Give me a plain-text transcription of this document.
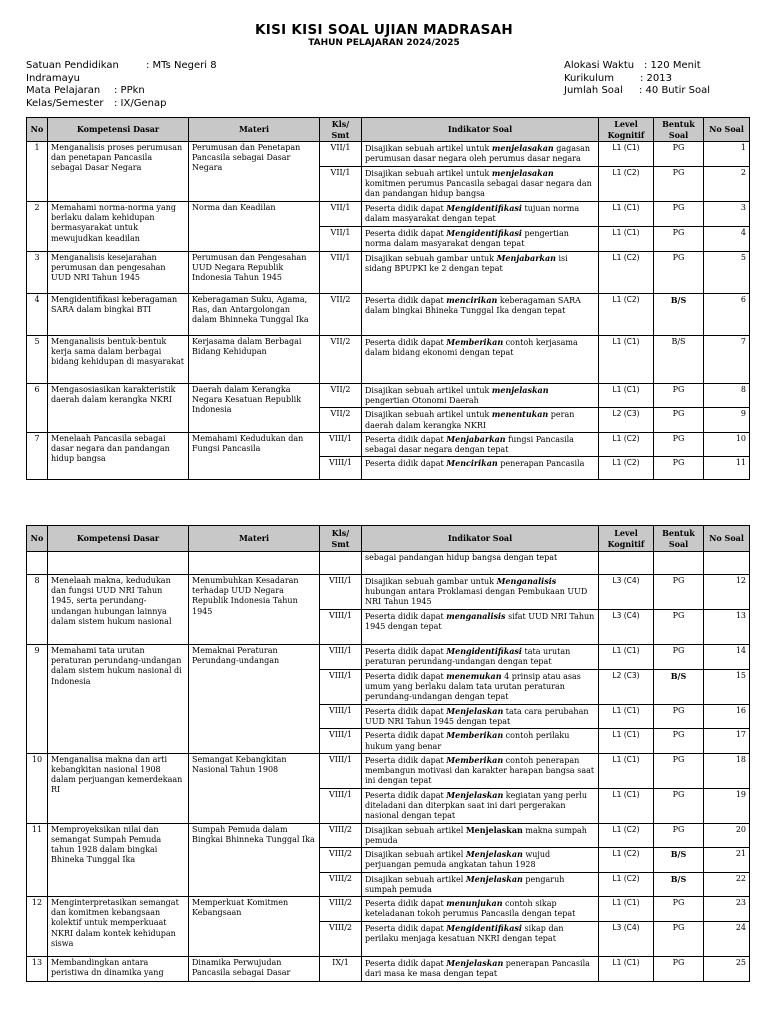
KISI KISI SOAL UJIAN MADRASAH
TAHUN PELAJARAN 2024/2025
Satuan Pendidikan	: MTs Negeri 8
Indramayu
Mata Pelajaran : PPkn
Kelas/Semester : IX/Genap
Alokasi Waktu : 120 Menit
Kurikulum	: 2013
Jumlah Soal : 40 Butir Soal
No	Kompetensi Dasar	Materi	Kls/ Smt	Indikator Soal	Level Kognitif	Bentuk Soal	No Soal
1	Menganalisis proses perumusan dan penetapan Pancasila sebagai Dasar Negara	Perumusan dan Penetapan Pancasila sebagai Dasar Negara	VII/1	Disajikan sebuah artikel untuk menjelasakan gagasan perumusan dasar negara oleh perumus dasar negara	L1 (C1)	PG	1
			VII/1	Disajikan sebuah artikel untuk menjelasakan komitmen perumus Pancasila sebagai dasar negara dan dan pandangan hidup bangsa	L1 (C2)	PG	2
2	Memahami norma-norma yang berlaku dalam kehidupan bermasyarakat untuk mewujudkan keadilan	Norma dan Keadilan	VII/1	Peserta didik dapat Mengidentifikasi tujuan norma dalam masyarakat dengan tepat	L1 (C1)	PG	3
			VII/1	Peserta didik dapat Mengidentifikasi pengertian norma dalam masyarakat dengan tepat	L1 (C1)	PG	4
3	Menganalisis kesejarahan perumusan dan pengesahan UUD NRI Tahun 1945	Perumusan dan Pengesahan UUD Negara Republik Indonesia Tahun 1945	VII/1	Disajikan sebuah gambar untuk Menjabarkan isi sidang BPUPKI ke 2 dengan tepat	L1 (C2)	PG	5
4	Mengidentifikasi keberagaman SARA dalam bingkai BTI	Keberagaman Suku, Agama, Ras, dan Antargolongan dalam Bhinneka Tunggal Ika	VII/2	Peserta didik dapat mencirikan keberagaman SARA dalam bingkai Bhineka Tunggal Ika dengan tepat	L1 (C2)	B/S	6
5	Menganalisis bentuk-bentuk kerja sama dalam berbagai bidang kehidupan di masyarakat	Kerjasama dalam Berbagai Bidang Kehidupan	VII/2	Peserta didik dapat Memberikan contoh kerjasama dalam bidang ekonomi dengan tepat	L1 (C1)	B/S	7
6	Mengasosiasikan karakteristik daerah dalam kerangka NKRI	Daerah dalam Kerangka Negara Kesatuan Republik Indonesia	VII/2	Disajikan sebuah artikel untuk menjelaskan pengertian Otonomi Daerah	L1 (C1)	PG	8
			VII/2	Disajikan sebuah artikel untuk menentukan peran daerah dalam kerangka NKRI	L2 (C3)	PG	9
7	Menelaah Pancasila sebagai dasar negara dan pandangan hidup bangsa	Memahami Kedudukan dan Fungsi Pancasila	VIII/1	Peserta didik dapat Menjabarkan fungsi Pancasila sebagai dasar negara dengan tepat	L1 (C2)	PG	10
			VIII/1	Peserta didik dapat Mencirikan penerapan Pancasila	L1 (C2)	PG	11
No	Kompetensi Dasar	Materi	Kls/ Smt	Indikator Soal	Level Kognitif	Bentuk Soal	No Soal
				sebagai pandangan hidup bangsa dengan tepat			
8	Menelaah makna, kedudukan dan fungsi UUD NRI Tahun 1945, serta perundang-undangan hubungan lainnya dalam sistem hukum nasional	Menumbuhkan Kesadaran terhadap UUD Negara Republik Indonesia Tahun 1945	VIII/1	Disajikan sebuah gambar untuk Menganalisis hubungan antara Proklamasi dengan Pembukaan UUD NRI Tahun 1945	L3 (C4)	PG	12
			VIII/1	Peserta didik dapat menganalisis sifat UUD NRI Tahun 1945 dengan tepat	L3 (C4)	PG	13
9	Memahami tata urutan peraturan perundang-undangan dalam sistem hukum nasional di Indonesia	Memaknai Peraturan Perundang-undangan	VIII/1	Peserta didik dapat Mengidentifikasi tata urutan peraturan perundang-undangan dengan tepat	L1 (C1)	PG	14
			VIII/1	Peserta didik dapat menemukan 4 prinsip atau asas umum yang berlaku dalam tata urutan peraturan perundang-undangan dengan tepat	L2 (C3)	B/S	15
			VIII/1	Peserta didik dapat Menjelaskan tata cara perubahan UUD NRI Tahun 1945 dengan tepat	L1 (C1)	PG	16
			VIII/1	Peserta didik dapat Memberikan contoh perilaku hukum yang benar	L1 (C1)	PG	17
10	Menganalisa makna dan arti kebangkitan nasional 1908 dalam perjuangan kemerdekaan RI	Semangat Kebangkitan Nasional Tahun 1908	VIII/1	Peserta didik dapat Memberikan contoh penerapan membangun motivasi dan karakter harapan bangsa saat ini dengan tepat	L1 (C1)	PG	18
			VIII/1	Peserta didik dapat Menjelaskan kegiatan yang perlu diteladani dan diterpkan saat ini dari pergerakan nasional dengan tepat	L1 (C1)	PG	19
11	Memproyeksikan nilai dan semangat Sumpah Pemuda tahun 1928 dalam bingkai Bhineka Tunggal Ika	Sumpah Pemuda dalam Bingkai Bhinneka Tunggal Ika	VIII/2	Disajikan sebuah artikel Menjelaskan makna sumpah pemuda	L1 (C2)	PG	20
			VIII/2	Disajikan sebuah artikel Menjelaskan wujud perjuangan pemuda angkatan tahun 1928	L1 (C2)	B/S	21
			VIII/2	Disajikan sebuah artikel Menjelaskan pengaruh sumpah pemuda	L1 (C2)	B/S	22
12	Menginterpretasikan semangat dan komitmen kebangsaan kolektif untuk memperkuaat NKRI dalam kontek kehidupan siswa	Memperkuat Komitmen Kebangsaan	VIII/2	Peserta didik dapat menunjukan contoh sikap keteladanan tokoh perumus Pancasila dengan tepat	L1 (C1)	PG	23
			VIII/2	Peserta didik dapat Mengidentifikasi sikap dan perilaku menjaga kesatuan NKRI dengan tepat	L3 (C4)	PG	24
13	Membandingkan antara peristiwa dn dinamika yang	Dinamika Perwujudan Pancasila sebagai Dasar	IX/1	Peserta didik dapat Menjelaskan penerapan Pancasila dari masa ke masa dengan tepat	L1 (C1)	PG	25
